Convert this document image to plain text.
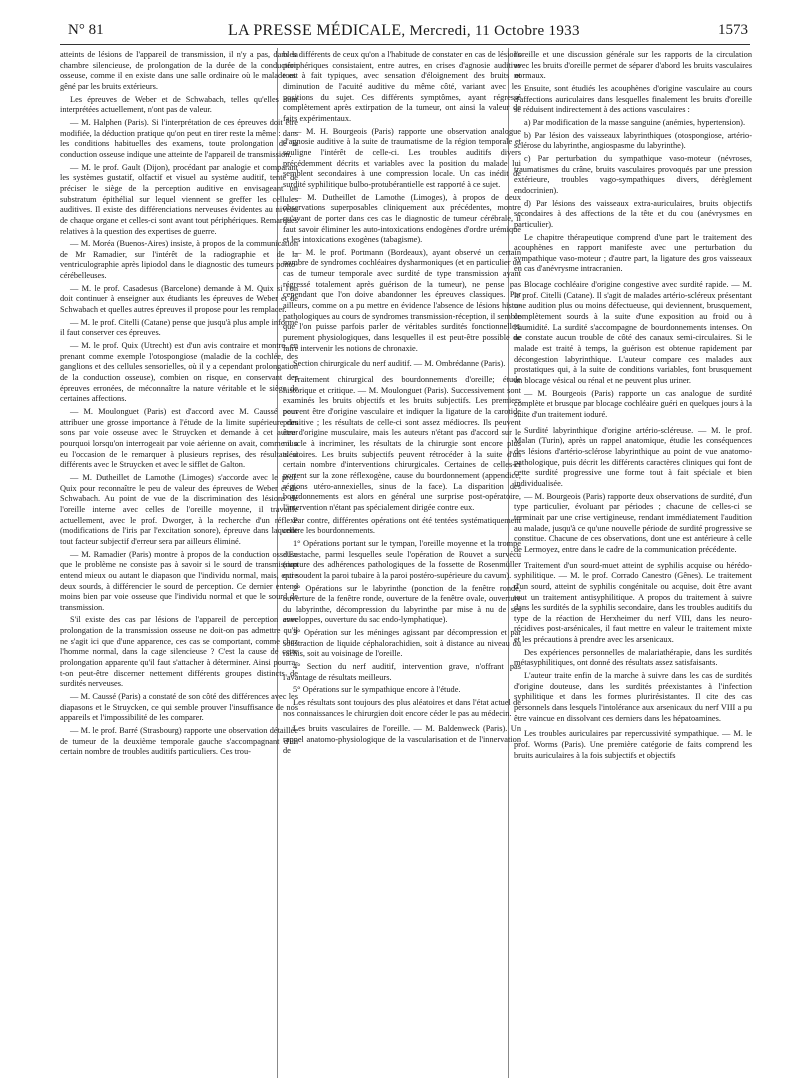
N° 81	LA PRESSE MÉDICALE, Mercredi, 11 Octobre 1933	1573

atteints de lésions de l'appareil de transmission, il n'y a pas, dans la chambre silencieuse, de prolongation de la durée de la conduction osseuse, comme il en existe dans une salle ordinaire où le malade est gêné par les bruits extérieurs.

Les épreuves de Weber et de Schwabach, telles qu'elles sont interprétées actuellement, n'ont pas de valeur.

— M. Halphen (Paris). Si l'interprétation de ces épreuves doit être modifiée, la déduction pratique qu'on peut en tirer reste la même : dans les conditions habituelles des examens, toute prolongation de la conduction osseuse indique une atteinte de l'appareil de transmission.

— M. le prof. Gault (Dijon), procédant par analogie et comparant les systèmes gustatif, olfactif et visuel au système auditif, tente de préciser le siège de la perception auditive en envisageant un substratum épithélial sur lequel viennent se greffer les cellules auditives. Il existe des différenciations nerveuses évidentes au niveau de chaque organe et celles-ci sont avant tout périphériques. Remarques relatives à la question des expertises de guerre.

— M. Moréa (Buenos-Aires) insiste, à propos de la communication de Mr Ramadier, sur l'intérêt de la radiographie et de la ventriculographie après lipiodol dans le diagnostic des tumeurs ponto-cérébelleuses.

— M. le prof. Casadesus (Barcelone) demande à M. Quix si l'on doit continuer à enseigner aux étudiants les épreuves de Weber et de Schwabach et quelles autres épreuves il propose pour les remplacer.

— M. le prof. Citelli (Catane) pense que jusqu'à plus ample informé il faut conserver ces épreuves.

— M. le prof. Quix (Utrecht) est d'un avis contraire et montre, en prenant comme exemple l'otospongiose (maladie de la cochlée, des ganglions et des cellules sensorielles, où il y a cependant prolongation de la conduction osseuse), combien on risque, en conservant des épreuves erronées, de méconnaître la nature véritable et le siège de certaines affections.

— M. Moulonguet (Paris) est d'accord avec M. Caussé pour attribuer une grosse importance à l'étude de la limite supérieure des sons par voie osseuse avec le Struycken et demande à cet auteur pourquoi lorsqu'on interrogeait par voie aérienne on avait, comme il a eu l'occasion de le remarquer à plusieurs reprises, des résultats si différents avec le Struycken et avec le sifflet de Galton.

— M. Dutheillet de Lamothe (Limoges) s'accorde avec le prof. Quix pour reconnaître le peu de valeur des épreuves de Weber et de Schwabach. Au point de vue de la discrimination des lésions de l'oreille interne avec celles de l'oreille moyenne, il travaille actuellement, avec le prof. Dworger, à la recherche d'un réflexe (modifications de l'iris par l'excitation sonore), épreuve dans laquelle tout facteur subjectif d'erreur sera par ailleurs éliminé.

— M. Ramadier (Paris) montre à propos de la conduction osseuse que le problème ne consiste pas à savoir si le sourd de transmission entend mieux ou autant le diapason que l'individu normal, mais, entre deux sourds, à différencier le sourd de perception. Ce dernier entend moins bien par voie osseuse que l'individu normal et que le sourd de transmission.

S'il existe des cas par lésions de l'appareil de perception avec prolongation de la transmission osseuse ne doit-on pas admettre qu'il ne s'agit ici que d'une apparence, ces cas se comportant, comme chez l'homme normal, dans la cage silencieuse ? C'est la cause de cette prolongation apparente qu'il faut s'attacher à déterminer. Ainsi pourra-t-on peut-être discerner nettement différents groupes distincts de surdités nerveuses.

— M. Caussé (Paris) a constaté de son côté des différences avec les diapasons et le Struycken, ce qui semble prouver l'insuffisance de nos appareils et l'impossibilité de les comparer.

— M. le prof. Barré (Strasbourg) rapporte une observation détaillée de tumeur de la deuxième temporale gauche s'accompagnant d'un certain nombre de troubles auditifs particuliers. Ces trou-

bles différents de ceux qu'on a l'habitude de constater en cas de lésions périphériques consistaient, entre autres, en crises d'agnosie auditive tout à fait typiques, avec sensation d'éloignement des bruits et diminution de l'acuité auditive du même côté, variant avec les positions du sujet. Ces différents symptômes, ayant régressé complètement après extirpation de la tumeur, ont ainsi la valeur de faits expérimentaux.

— M. H. Bourgeois (Paris) rapporte une observation analogue d'agnosie auditive à la suite de traumatisme de la région temporale et souligne l'intérêt de celle-ci. Les troubles auditifs divers précédemment décrits et variables avec la position du malade lui semblent secondaires à une compression locale. Un cas inédit de surdité syphilitique bulbo-protubérantielle est rapporté à ce sujet.

— M. Dutheillet de Lamothe (Limoges), à propos de deux observations superposables cliniquement aux précédentes, montre qu'avant de porter dans ces cas le diagnostic de tumeur cérébrale, il faut savoir éliminer les auto-intoxications endogènes d'ordre urémique et les intoxications exogènes (tabagisme).

— M. le prof. Portmann (Bordeaux), ayant observé un certain nombre de syndromes cochléaires dysharmoniques (et en particulier un cas de tumeur temporale avec surdité de type transmission ayant régressé totalement après guérison de la tumeur), ne pense pas cependant que l'on doive abandonner les épreuves classiques. Par ailleurs, comme on a pu mettre en évidence l'absence de lésions histo-pathologiques au cours de syndromes transmission-réception, il semble que l'on puisse parfois parler de véritables surdités fonctionnelles, purement physiologiques, dans lesquelles il est peut-être possible de faire intervenir les notions de chronaxie.

Section chirurgicale du nerf auditif. — M. Ombrédanne (Paris).

Traitement chirurgical des bourdonnements d'oreille; étude historique et critique. — M. Moulonguet (Paris). Successivement sont examinés les bruits objectifs et les bruits subjectifs. Les premiers peuvent être d'origine vasculaire et indiquer la ligature de la carotide primitive ; les résultats de celle-ci sont assez médiocres. Ils peuvent être d'origine musculaire, mais les auteurs n'étant pas d'accord sur le muscle à incriminer, les résultats de la chirurgie sont encore plus aléatoires. Les bruits subjectifs peuvent rétrocéder à la suite d'un certain nombre d'interventions chirurgicales. Certaines de celles-ci portent sur la zone réflexogène, cause du bourdonnement (appendice, régions utéro-annexielles, sinus de la face). La disparition des bourdonnements est alors en général une surprise post-opératoire, l'intervention n'étant pas spécialement dirigée contre eux.

Par contre, différentes opérations ont été tentées systématiquement contre les bourdonnements.

1° Opérations portant sur le tympan, l'oreille moyenne et la trompe d'Eustache, parmi lesquelles seule l'opération de Rouvet a survécu (rupture des adhérences pathologiques de la fossette de Rosenmüller qui soudent la paroi tubaire à la paroi postéro-supérieure du cavum).

2° Opérations sur le labyrinthe (ponction de la fenêtre ronde, ouverture de la fenêtre ronde, ouverture de la fenêtre ovale, ouverture du labyrinthe, décompression du labyrinthe par mise à nu de ses enveloppes, ouverture du sac endo-lymphatique).

3° Opération sur les méninges agissant par décompression et par soustraction de liquide céphalorachidien, soit à distance au niveau du rachis, soit au voisinage de l'oreille.

4° Section du nerf auditif, intervention grave, n'offrant pas l'avantage de résultats meilleurs.

5° Opérations sur le sympathique encore à l'étude.

Les résultats sont toujours des plus aléatoires et dans l'état actuel de nos connaissances le chirurgien doit encore céder le pas au médecin.

Les bruits vasculaires de l'oreille. — M. Baldenweck (Paris). Un rappel anatomo-physiologique de la vascularisation et de l'innervation de

l'oreille et une discussion générale sur les rapports de la circulation avec les bruits d'oreille permet de séparer d'abord les bruits vasculaires normaux.

Ensuite, sont étudiés les acouphènes d'origine vasculaire au cours d'affections auriculaires dans lesquelles finalement les bruits d'oreille se réduisent indirectement à des actions vasculaires :

a) Par modification de la masse sanguine (anémies, hypertension).

b) Par lésion des vaisseaux labyrinthiques (otospongiose, artério-sclérose du labyrinthe, angiospasme du labyrinthe).

c) Par perturbation du sympathique vaso-moteur (névroses, traumatismes du crâne, bruits vasculaires provoqués par une pression extérieure, troubles vago-sympathiques divers, dérèglement endocrinien).

d) Par lésions des vaisseaux extra-auriculaires, bruits objectifs secondaires à des affections de la tête et du cou (anévrysmes en particulier).

Le chapitre thérapeutique comprend d'une part le traitement des acouphènes en rapport manifeste avec une perturbation du sympathique vaso-moteur ; d'autre part, la ligature des gros vaisseaux en cas d'anévrysme intracranien.

Blocage cochléaire d'origine congestive avec surdité rapide. — M. le prof. Citelli (Catane). Il s'agit de malades artério-scléreux présentant une audition plus ou moins défectueuse, qui deviennent, brusquement, complètement sourds à la suite d'une exposition au froid ou à l'humidité. La surdité s'accompagne de bourdonnements intenses. On ne constate aucun trouble de côté des canaux semi-circulaires. Si le malade est traité à temps, la guérison est obtenue rapidement par décongestion labyrinthique. L'auteur compare ces malades aux prostatiques qui, à la suite de conditions variables, font brusquement un blocage vésical ou rénal et ne peuvent plus uriner.

— M. Bourgeois (Paris) rapporte un cas analogue de surdité complète et brusque par blocage cochléaire guéri en quelques jours à la suite d'un traitement ioduré.

Surdité labyrinthique d'origine artério-scléreuse. — M. le prof. Malan (Turin), après un rappel anatomique, étudie les conséquences des lésions d'artério-sclérose labyrinthique au point de vue anatomo-pathologique, puis décrit les différents caractères cliniques qui font de cette surdité progressive une forme tout à fait spéciale et bien individualisée.

— M. Bourgeois (Paris) rapporte deux observations de surdité, d'un type particulier, évoluant par périodes ; chacune de celles-ci se terminait par une crise vertigineuse, rendant immédiatement l'audition au malade, jusqu'à ce qu'une nouvelle période de surdité progressive se constitue. Chacune de ces observations, dont une est antérieure à celle de Lermoyez, entre dans le cadre de la communication précédente.

Traitement d'un sourd-muet atteint de syphilis acquise ou hérédo-syphilitique. — M. le prof. Corrado Canestro (Gênes). Le traitement d'un sourd, atteint de syphilis congénitale ou acquise, doit être avant tout un traitement antisyphilitique. A propos du traitement à suivre dans les surdités de la syphilis secondaire, dans les troubles auditifs du type de la réaction de Herxheimer du nerf VIII, dans les neuro-récidives post-arsénicales, il faut mettre en valeur le traitement mixte et les précautions à prendre avec les arsenicaux.

Des expériences personnelles de malariathérapie, dans les surdités métasyphilitiques, ont donné des résultats assez satisfaisants.

L'auteur traite enfin de la marche à suivre dans les cas de surdités d'origine douteuse, dans les surdités préexistantes à l'infection syphilitique et dans les formes plurirésistantes. Il cite des cas personnels dans lesquels l'intolérance aux arsenicaux du nerf VIII a pu être vaincue en dissolvant ces derniers dans les hépatoamines.

Les troubles auriculaires par repercussivité sympathique. — M. le prof. Worms (Paris). Une première catégorie de faits comprend les bruits auriculaires à la fois subjectifs et objectifs
